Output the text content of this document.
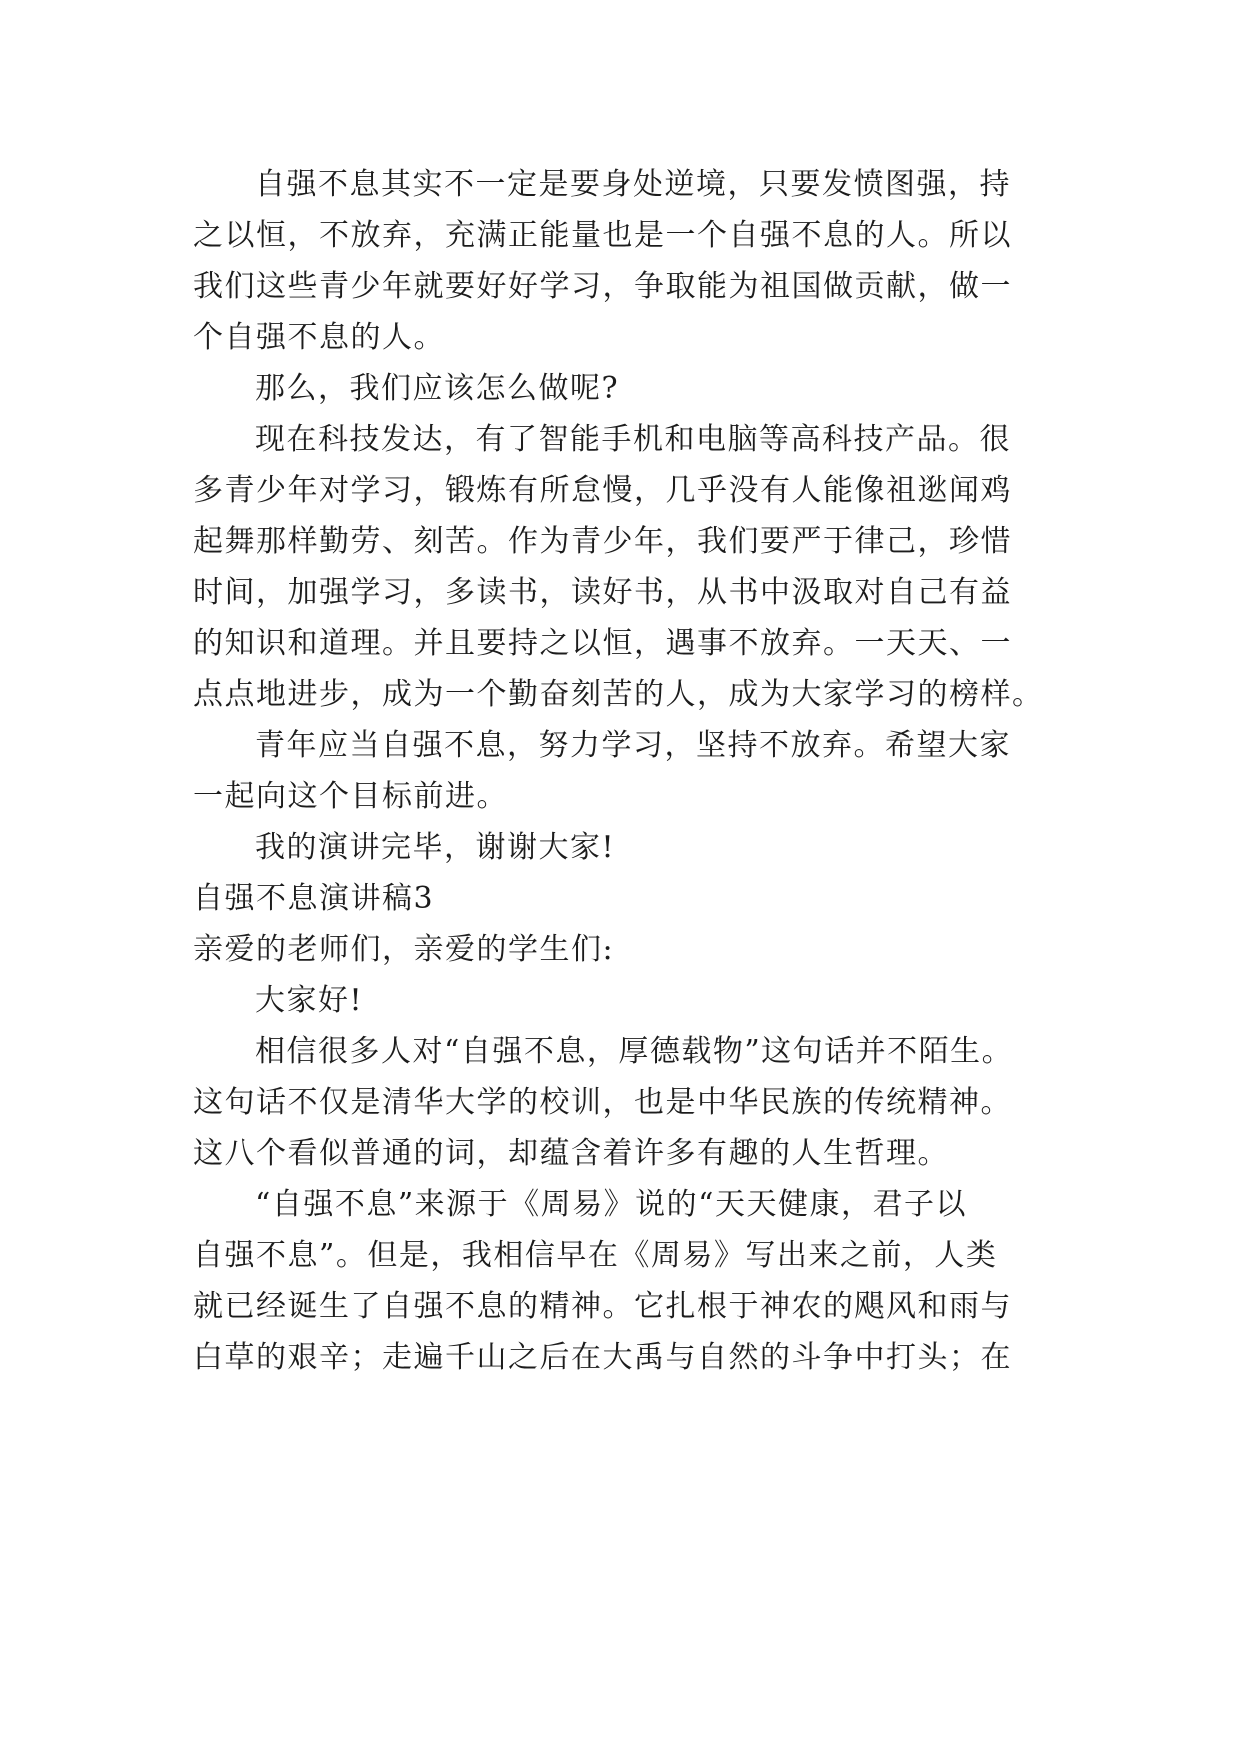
自强不息其实不一定是要身处逆境，只要发愤图强，持

之以恒，不放弃，充满正能量也是一个自强不息的人。所以

我们这些青少年就要好好学习，争取能为祖国做贡献，做一

个自强不息的人。

那么，我们应该怎么做呢?

现在科技发达，有了智能手机和电脑等高科技产品。很

多青少年对学习，锻炼有所怠慢，几乎没有人能像祖逖闻鸡

起舞那样勤劳、刻苦。作为青少年，我们要严于律己，珍惜

时间，加强学习，多读书，读好书，从书中汲取对自己有益

的知识和道理。并且要持之以恒，遇事不放弃。一天天、一

点点地进步，成为一个勤奋刻苦的人，成为大家学习的榜样。

青年应当自强不息，努力学习，坚持不放弃。希望大家

一起向这个目标前进。

我的演讲完毕，谢谢大家!

自强不息演讲稿3

亲爱的老师们，亲爱的学生们:

大家好!

相信很多人对“自强不息，厚德载物”这句话并不陌生。

这句话不仅是清华大学的校训，也是中华民族的传统精神。

这八个看似普通的词，却蕴含着许多有趣的人生哲理。

“自强不息”来源于《周易》说的“天天健康，君子以

自强不息”。但是，我相信早在《周易》写出来之前，人类

就已经诞生了自强不息的精神。它扎根于神农的飓风和雨与

白草的艰辛；走遍千山之后在大禹与自然的斗争中打头；在
